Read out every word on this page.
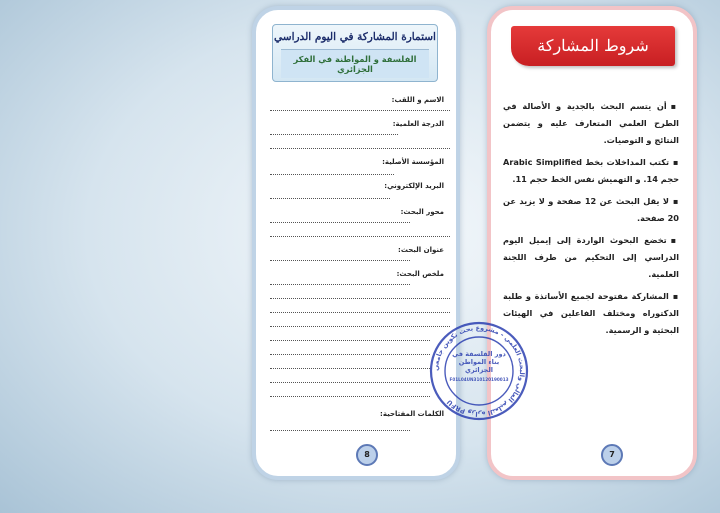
استمارة المشاركة في اليوم الدراسي
الفلسفة و المواطنة في الفكر الجزائري
الاسم و اللقب:
الدرجة العلمية:
المؤسسة الأصلية:
البريد الإلكتروني:
محور البحث:
عنوان البحث:
ملخص البحث:
الكلمات المفتاحية:
8
شروط المشاركة
▪ أن يتسم البحث بالجدية و الأصالة في الطرح العلمي المتعارف عليه و يتضمن النتائج و التوصيات.
▪ تكتب المداخلات بخط Arabic Simplified حجم 14. و التهميش نفس الخط حجم 11.
▪ لا يقل البحث عن 12 صفحة و لا يزيد عن 20 صفحة.
▪ تخضع البحوث الواردة إلى إيميل اليوم الدراسي إلى التحكيم من طرف اللجنة العلمية.
▪ المشاركة مفتوحة لجميع الأساتذة و طلبة الدكتوراه ومختلف الفاعلين في الهيئات البحثية و الرسمية.
7
وزارة التعليم العالي والبحث العلمي - مشروع بحث تكوين جامعي PRFU
دور الفلسفة في بناء المواطن الجزائري
F01L04UN310120190013
